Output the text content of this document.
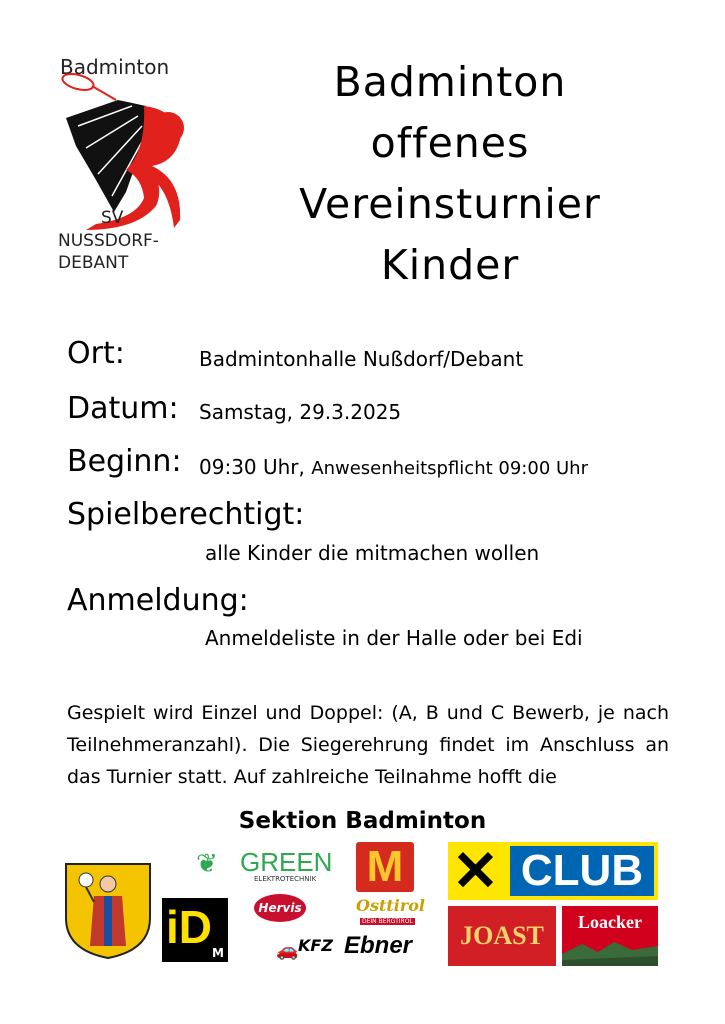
Badminton
SV
NUSSDORF-
DEBANT
Badminton
offenes
Vereinsturnier
Kinder
Ort:	Badmintonhalle Nußdorf/Debant
Datum: Samstag, 29.3.2025
Beginn: 09:30 Uhr, Anwesenheitspflicht 09:00 Uhr
Spielberechtigt:
alle Kinder die mitmachen wollen
Anmeldung:
Anmeldeliste in der Halle oder bei Edi
Gespielt wird Einzel und Doppel: (A, B und C Bewerb, je nach Teilnehmeranzahl). Die Siegerehrung findet im Anschluss an das Turnier statt. Auf zahlreiche Teilnahme hofft die
Sektion Badminton
❦ GREEN
ELEKTROTECHNIK M ✕ CLUB
iD M
Hervis	Osttirol
DEIN BERGTIROL
🚗 KFZ Ebner	JOAST	Loacker
